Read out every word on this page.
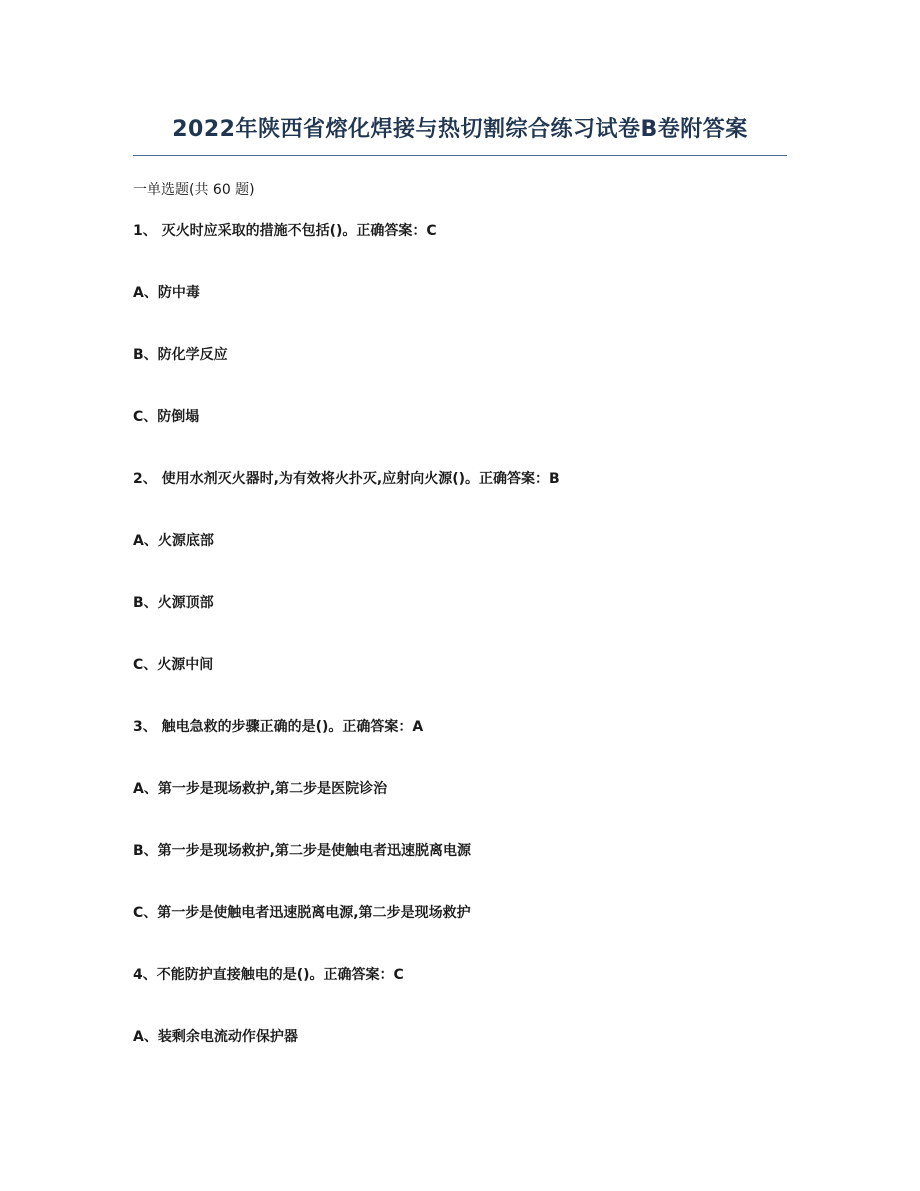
2022年陕西省熔化焊接与热切割综合练习试卷B卷附答案
一单选题(共 60 题)
1、 灭火时应采取的措施不包括()。正确答案：C
A、防中毒
B、防化学反应
C、防倒塌
2、 使用水剂灭火器时,为有效将火扑灭,应射向火源()。正确答案：B
A、火源底部
B、火源顶部
C、火源中间
3、 触电急救的步骤正确的是()。正确答案：A
A、第一步是现场救护,第二步是医院诊治
B、第一步是现场救护,第二步是使触电者迅速脱离电源
C、第一步是使触电者迅速脱离电源,第二步是现场救护
4、不能防护直接触电的是()。正确答案：C
A、装剩余电流动作保护器
